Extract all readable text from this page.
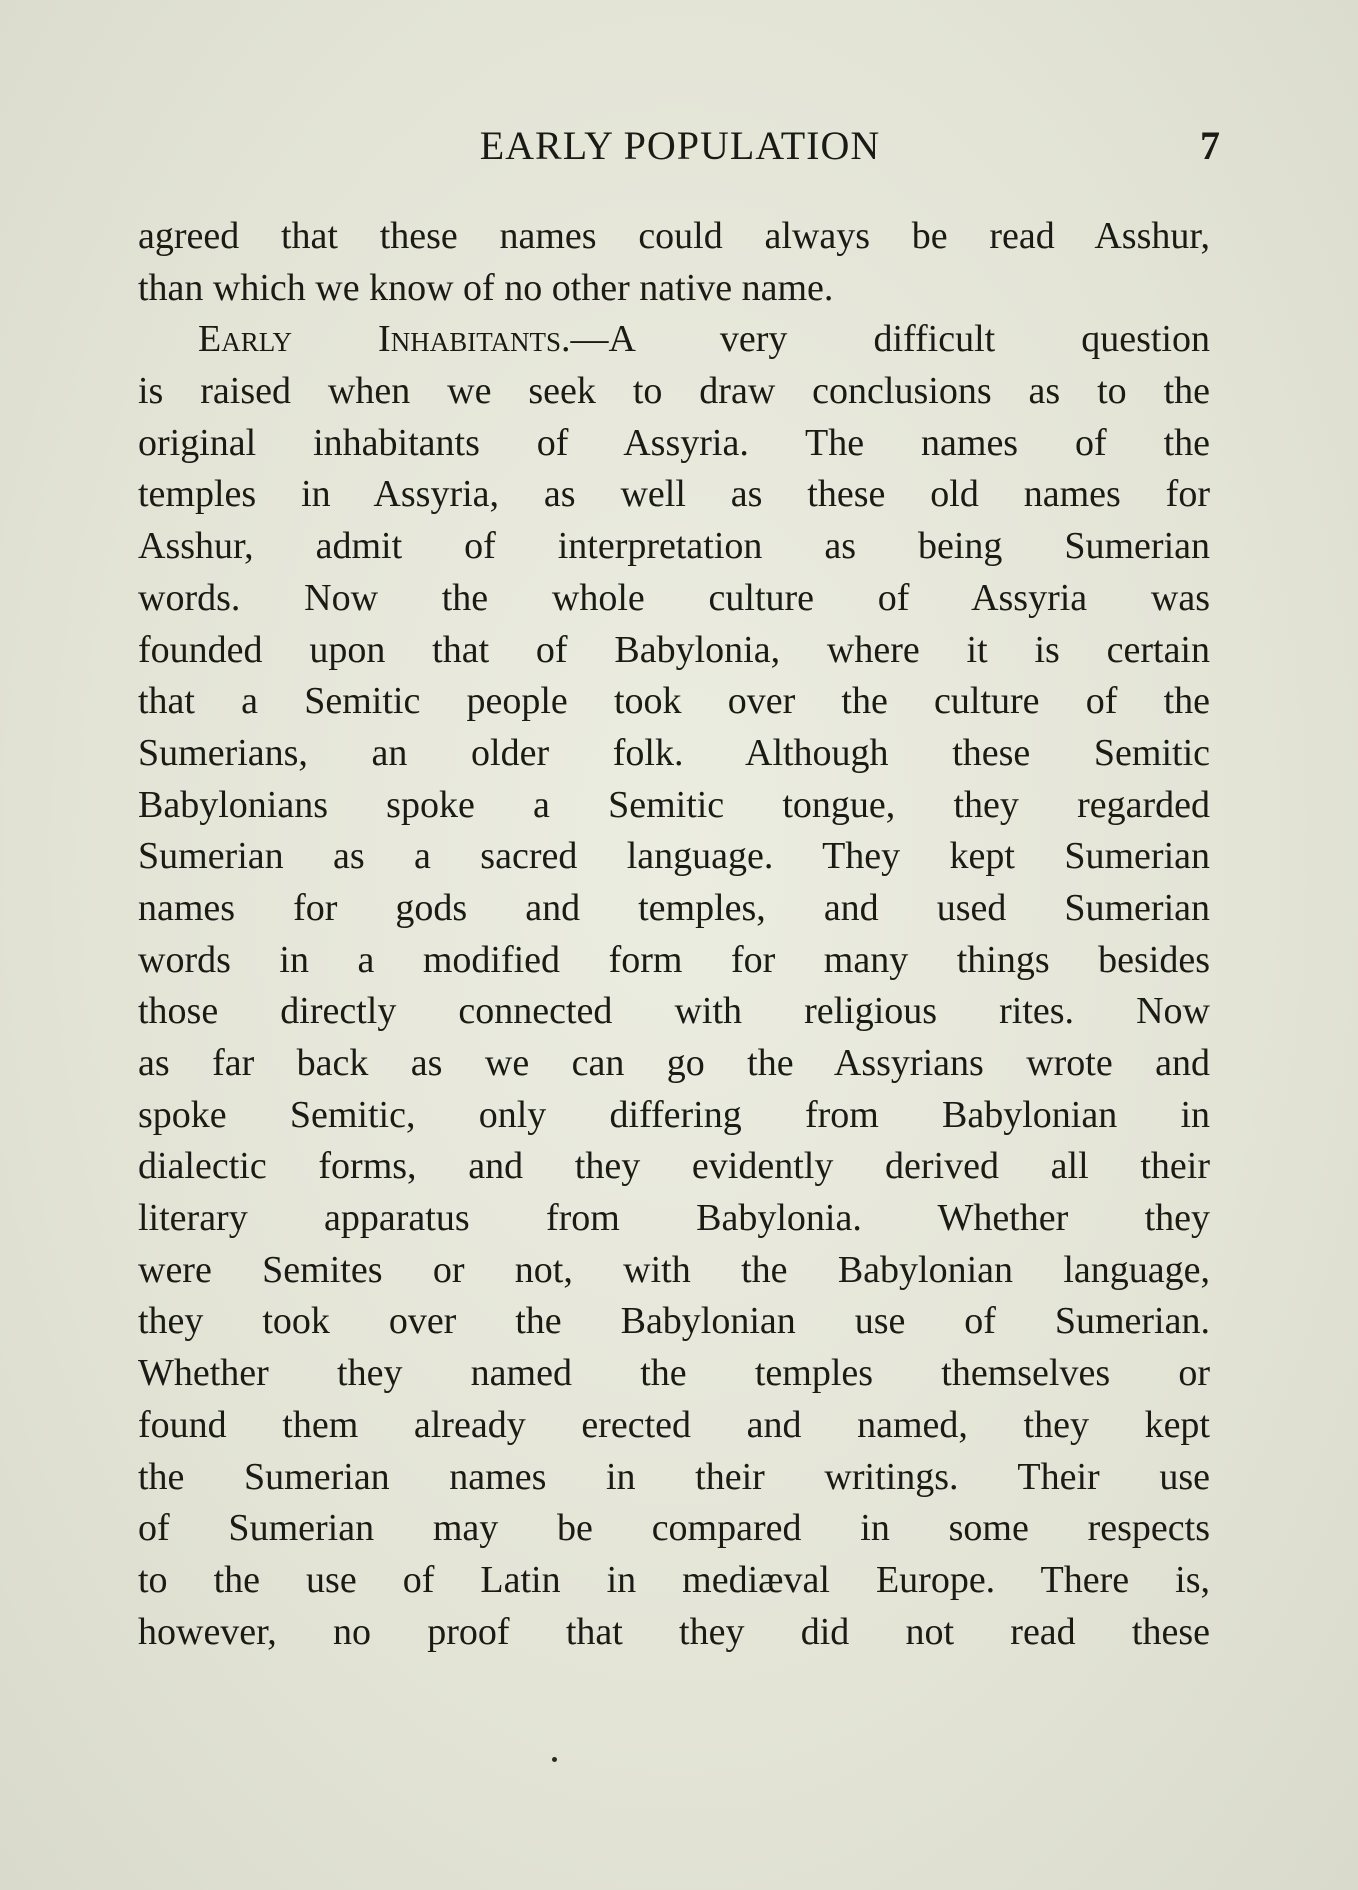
EARLY POPULATION	7
agreed that these names could always be read Asshur,
than which we know of no other native name.
Early Inhabitants.—A very difficult question
is raised when we seek to draw conclusions as to the
original inhabitants of Assyria. The names of the
temples in Assyria, as well as these old names for
Asshur, admit of interpretation as being Sumerian
words. Now the whole culture of Assyria was
founded upon that of Babylonia, where it is certain
that a Semitic people took over the culture of the
Sumerians, an older folk. Although these Semitic
Babylonians spoke a Semitic tongue, they regarded
Sumerian as a sacred language. They kept Sumerian
names for gods and temples, and used Sumerian
words in a modified form for many things besides
those directly connected with religious rites. Now
as far back as we can go the Assyrians wrote and
spoke Semitic, only differing from Babylonian in
dialectic forms, and they evidently derived all their
literary apparatus from Babylonia. Whether they
were Semites or not, with the Babylonian language,
they took over the Babylonian use of Sumerian.
Whether they named the temples themselves or
found them already erected and named, they kept
the Sumerian names in their writings. Their use
of Sumerian may be compared in some respects
to the use of Latin in mediæval Europe. There is,
however, no proof that they did not read these
